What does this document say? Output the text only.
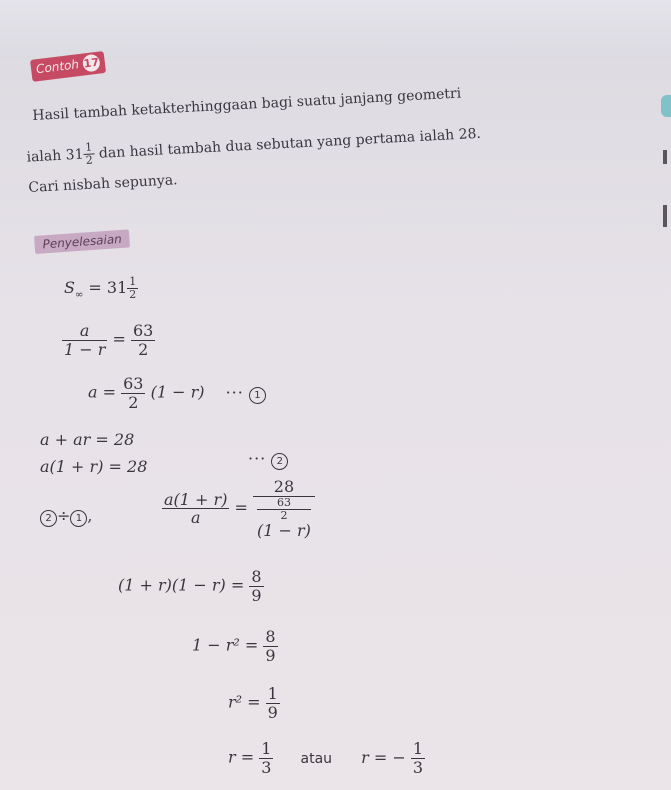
Contoh 17
Hasil tambah ketakterhinggaan bagi suatu janjang geometri
ialah 31
$\frac{1}{2}$ dan hasil tambah dua sebutan yang pertama ialah 28.
Cari nisbah sepunya.
Penyelesaian
$S_\infty = 31 \frac{1}{2}$
$\frac{a}{1 - r} = \frac{63}{2}$
$a = \frac{63}{2} (1 - r)$ ··· 1
a + ar = 28
a(1 + r) = 28	··· 2
2 ÷ 1 ,	$\frac{a(1 + r)}{a} = 28$
63
2
(1 − r)
$(1 + r)(1 - r) = \frac{8}{9}$
$1 - r^2 = \frac{8}{9}$
$r^2 = \frac{1}{9}$
$r = \frac{1}{3}$ atau r = − $\frac{1}{3}$
